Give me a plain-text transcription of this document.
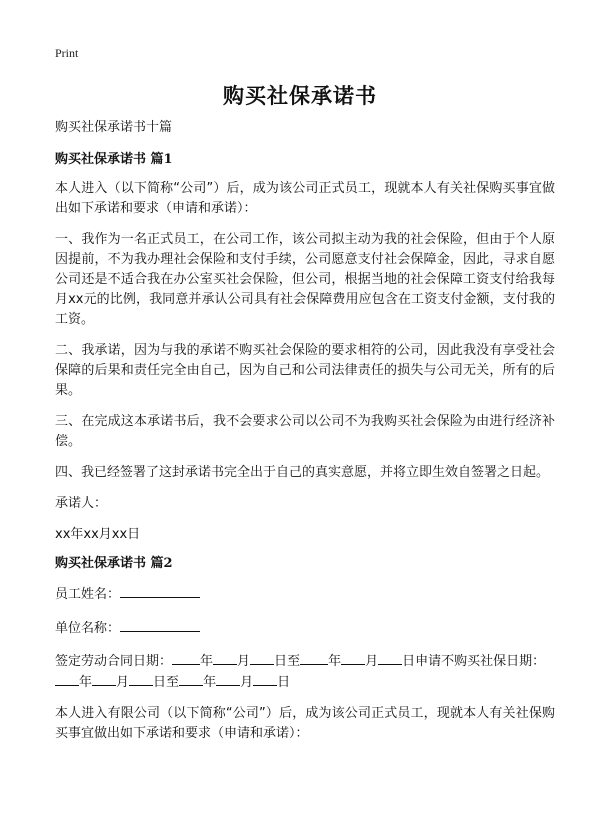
Print
购买社保承诺书

购买社保承诺书十篇

购买社保承诺书 篇1

本人进入（以下简称“公司”）后，成为该公司正式员工，现就本人有关社保购买事宜做出如下承诺和要求（申请和承诺）：

一、我作为一名正式员工，在公司工作，该公司拟主动为我的社会保险，但由于个人原因提前，不为我办理社会保险和支付手续，公司愿意支付社会保障金，因此，寻求自愿公司还是不适合我在办公室买社会保险，但公司，根据当地的社会保障工资支付给我每月xx元的比例，我同意并承认公司具有社会保障费用应包含在工资支付金额，支付我的工资。

二、我承诺，因为与我的承诺不购买社会保险的要求相符的公司，因此我没有享受社会保障的后果和责任完全由自己，因为自己和公司法律责任的损失与公司无关，所有的后果。

三、在完成这本承诺书后，我不会要求公司以公司不为我购买社会保险为由进行经济补偿。

四、我已经签署了这封承诺书完全出于自己的真实意愿，并将立即生效自签署之日起。

承诺人：

xx年xx月xx日

购买社保承诺书 篇2

员工姓名：

单位名称：

签定劳动合同日期： 年 月 日至 年 月 日申请不购买社保日期：年 月 日至 年 月 日

本人进入有限公司（以下简称“公司”）后，成为该公司正式员工，现就本人有关社保购买事宜做出如下承诺和要求（申请和承诺）：
